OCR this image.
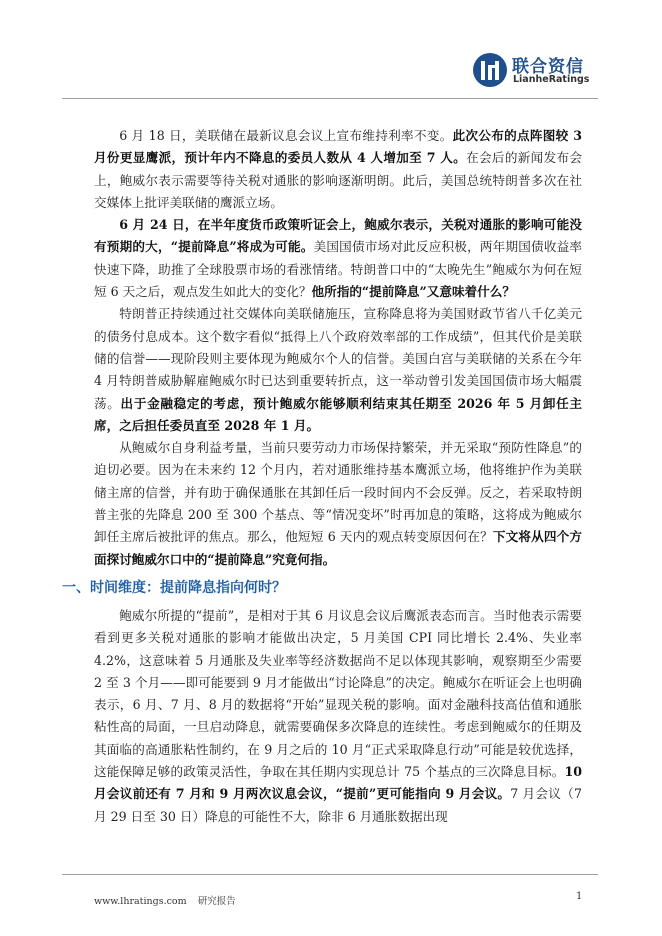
联合资信
LianheRatings

6 月 18 日，美联储在最新议息会议上宣布维持利率不变。此次公布的点阵图较 3 月份更显鹰派，预计年内不降息的委员人数从 4 人增加至 7 人。在会后的新闻发布会上，鲍威尔表示需要等待关税对通胀的影响逐渐明朗。此后，美国总统特朗普多次在社交媒体上批评美联储的鹰派立场。

6 月 24 日，在半年度货币政策听证会上，鲍威尔表示，关税对通胀的影响可能没有预期的大，“提前降息”将成为可能。美国国债市场对此反应积极，两年期国债收益率快速下降，助推了全球股票市场的看涨情绪。特朗普口中的“太晚先生”鲍威尔为何在短短 6 天之后，观点发生如此大的变化？他所指的“提前降息”又意味着什么？

特朗普正持续通过社交媒体向美联储施压，宣称降息将为美国财政节省八千亿美元的债务付息成本。这个数字看似“抵得上八个政府效率部的工作成绩”，但其代价是美联储的信誉——现阶段则主要体现为鲍威尔个人的信誉。美国白宫与美联储的关系在今年 4 月特朗普威胁解雇鲍威尔时已达到重要转折点，这一举动曾引发美国国债市场大幅震荡。出于金融稳定的考虑，预计鲍威尔能够顺利结束其任期至 2026 年 5 月卸任主席，之后担任委员直至 2028 年 1 月。

从鲍威尔自身利益考量，当前只要劳动力市场保持繁荣，并无采取“预防性降息”的迫切必要。因为在未来约 12 个月内，若对通胀维持基本鹰派立场，他将维护作为美联储主席的信誉，并有助于确保通胀在其卸任后一段时间内不会反弹。反之，若采取特朗普主张的先降息 200 至 300 个基点、等“情况变坏”时再加息的策略，这将成为鲍威尔卸任主席后被批评的焦点。那么，他短短 6 天内的观点转变原因何在？下文将从四个方面探讨鲍威尔口中的“提前降息”究竟何指。

一、时间维度：提前降息指向何时？

鲍威尔所提的“提前”，是相对于其 6 月议息会议后鹰派表态而言。当时他表示需要看到更多关税对通胀的影响才能做出决定，5 月美国 CPI 同比增长 2.4%、失业率 4.2%，这意味着 5 月通胀及失业率等经济数据尚不足以体现其影响，观察期至少需要 2 至 3 个月——即可能要到 9 月才能做出“讨论降息”的决定。鲍威尔在听证会上也明确表示，6 月、7 月、8 月的数据将“开始”显现关税的影响。面对金融科技高估值和通胀粘性高的局面，一旦启动降息，就需要确保多次降息的连续性。考虑到鲍威尔的任期及其面临的高通胀粘性制约，在 9 月之后的 10 月“正式采取降息行动”可能是较优选择，这能保障足够的政策灵活性，争取在其任期内实现总计 75 个基点的三次降息目标。10 月会议前还有 7 月和 9 月两次议息会议，“提前”更可能指向 9 月会议。7 月会议（7 月 29 日至 30 日）降息的可能性不大，除非 6 月通胀数据出现

www.lhratings.com 研究报告	1
